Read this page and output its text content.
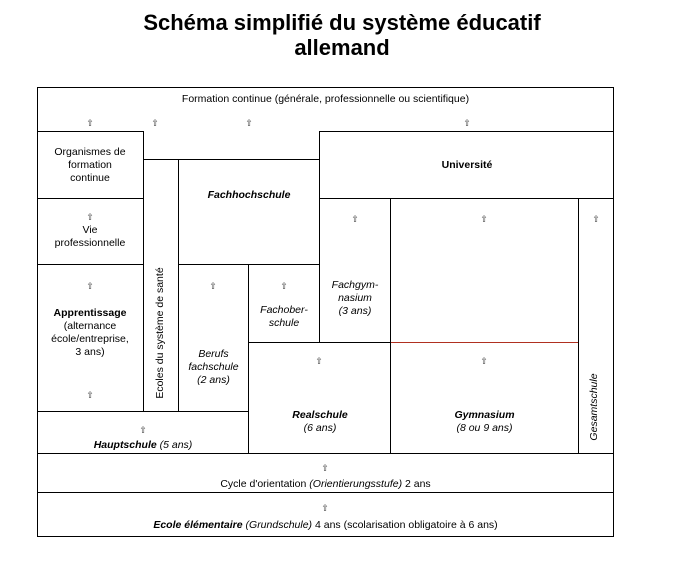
Schéma simplifié du système éducatif
allemand
Formation continue (générale, professionnelle ou scientifique)
⇧	⇧	⇧	⇧
Organismes de
formation
continue
Université
Fachhochschule
⇧
Vie
professionnelle
⇧	⇧	⇧
Ecoles du système de santé
⇧
Apprentissage
(alternance
école/entreprise,
3 ans)
⇧
⇧
Berufs
fachschule
(2 ans)
⇧
Fachober-
schule
Fachgym-
nasium
(3 ans)
⇧
Realschule
(6 ans)
⇧
Gymnasium
(8 ou 9 ans)	Gesamtschule
⇧
Hauptschule
(5 ans)
⇧
Cycle d'orientation (Orientierungsstufe) 2 ans
⇧
Ecole élémentaire (Grundschule) 4 ans (scolarisation obligatoire à 6 ans)
